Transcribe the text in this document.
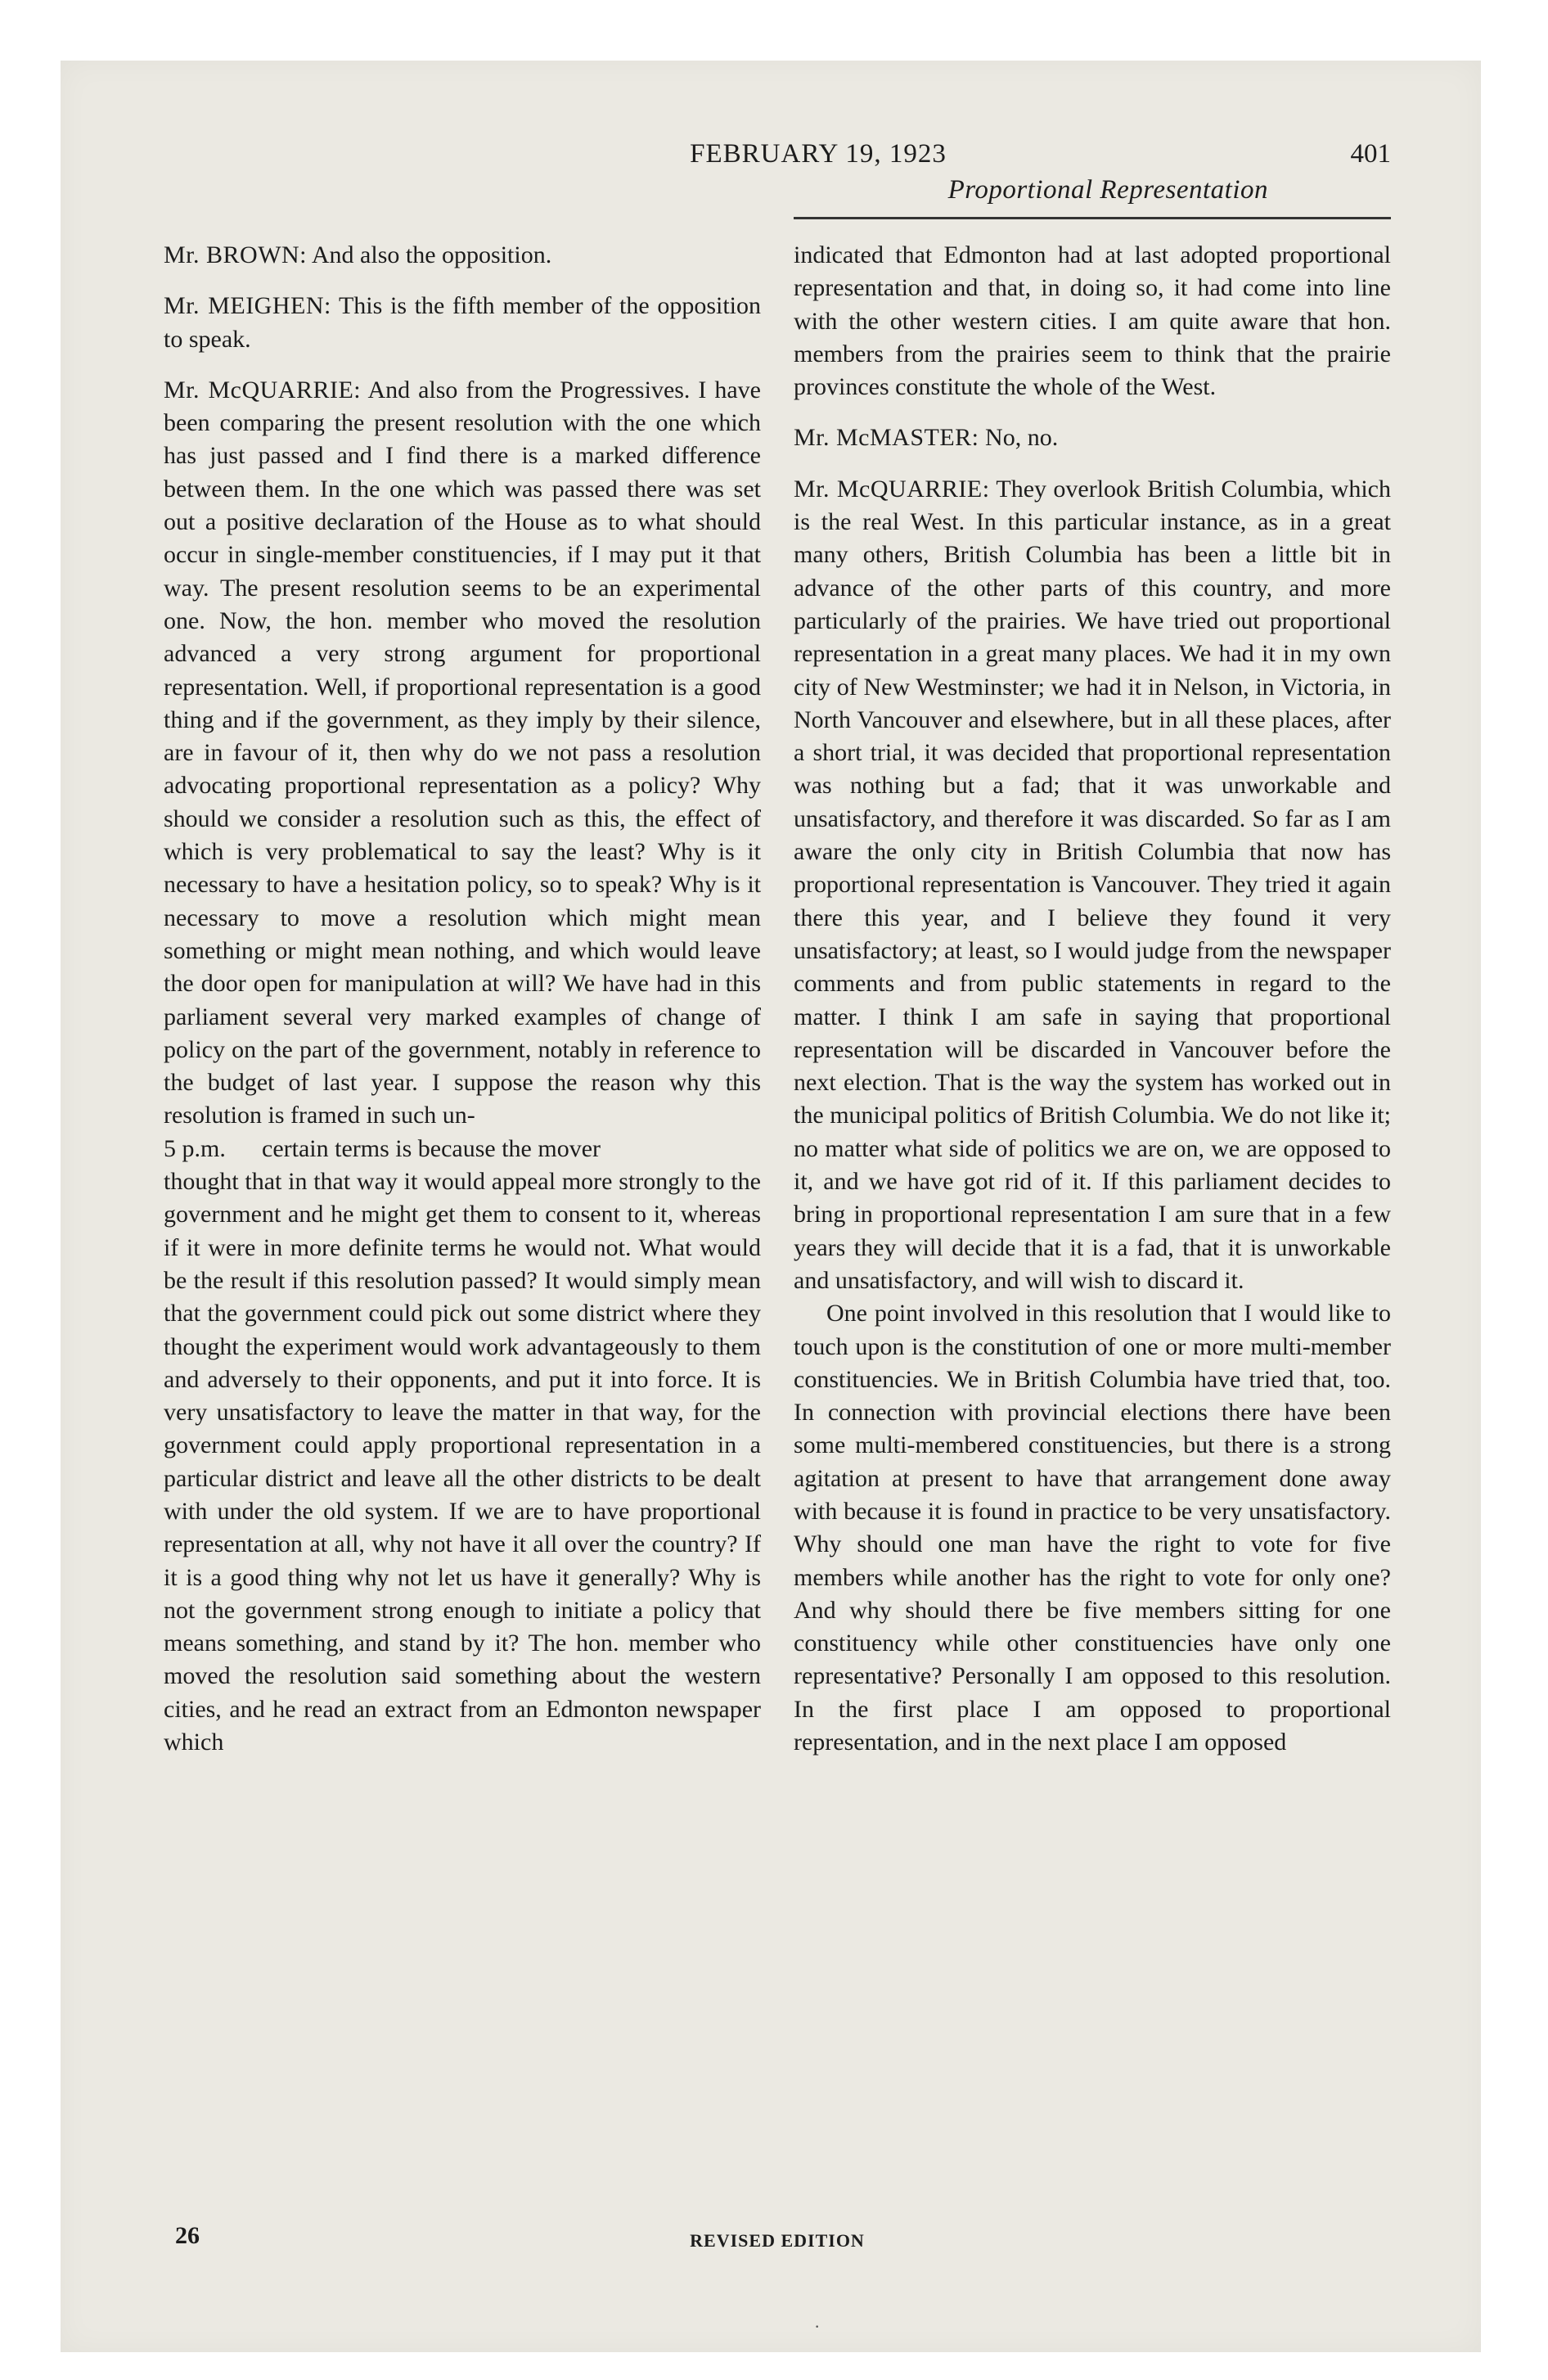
FEBRUARY 19, 1923	401
Proportional Representation

Mr. BROWN: And also the opposition.

Mr. MEIGHEN: This is the fifth member of the opposition to speak.

Mr. McQUARRIE: And also from the Progressives. I have been comparing the present resolution with the one which has just passed and I find there is a marked difference between them. In the one which was passed there was set out a positive declaration of the House as to what should occur in single-member constituencies, if I may put it that way. The present resolution seems to be an experimental one. Now, the hon. member who moved the resolution advanced a very strong argument for proportional representation. Well, if proportional representation is a good thing and if the government, as they imply by their silence, are in favour of it, then why do we not pass a resolution advocating proportional representation as a policy? Why should we consider a resolution such as this, the effect of which is very problematical to say the least? Why is it necessary to have a hesitation policy, so to speak? Why is it necessary to move a resolution which might mean something or might mean nothing, and which would leave the door open for manipulation at will? We have had in this parliament several very marked examples of change of policy on the part of the government, notably in reference to the budget of last year. I suppose the reason why this resolution is framed in such un-

5 p.m. certain terms is because the mover

thought that in that way it would appeal more strongly to the government and he might get them to consent to it, whereas if it were in more definite terms he would not. What would be the result if this resolution passed? It would simply mean that the government could pick out some district where they thought the experiment would work advantageously to them and adversely to their opponents, and put it into force. It is very unsatisfactory to leave the matter in that way, for the government could apply proportional representation in a particular district and leave all the other districts to be dealt with under the old system. If we are to have proportional representation at all, why not have it all over the country? If it is a good thing why not let us have it generally? Why is not the government strong enough to initiate a policy that means something, and stand by it? The hon. member who moved the resolution said something about the western cities, and he read an extract from an Edmonton newspaper which

indicated that Edmonton had at last adopted proportional representation and that, in doing so, it had come into line with the other western cities. I am quite aware that hon. members from the prairies seem to think that the prairie provinces constitute the whole of the West.

Mr. McMASTER: No, no.

Mr. McQUARRIE: They overlook British Columbia, which is the real West. In this particular instance, as in a great many others, British Columbia has been a little bit in advance of the other parts of this country, and more particularly of the prairies. We have tried out proportional representation in a great many places. We had it in my own city of New Westminster; we had it in Nelson, in Victoria, in North Vancouver and elsewhere, but in all these places, after a short trial, it was decided that proportional representation was nothing but a fad; that it was unworkable and unsatisfactory, and therefore it was discarded. So far as I am aware the only city in British Columbia that now has proportional representation is Vancouver. They tried it again there this year, and I believe they found it very unsatisfactory; at least, so I would judge from the newspaper comments and from public statements in regard to the matter. I think I am safe in saying that proportional representation will be discarded in Vancouver before the next election. That is the way the system has worked out in the municipal politics of British Columbia. We do not like it; no matter what side of politics we are on, we are opposed to it, and we have got rid of it. If this parliament decides to bring in proportional representation I am sure that in a few years they will decide that it is a fad, that it is unworkable and unsatisfactory, and will wish to discard it.

One point involved in this resolution that I would like to touch upon is the constitution of one or more multi-member constituencies. We in British Columbia have tried that, too. In connection with provincial elections there have been some multi-membered constituencies, but there is a strong agitation at present to have that arrangement done away with because it is found in practice to be very unsatisfactory. Why should one man have the right to vote for five members while another has the right to vote for only one? And why should there be five members sitting for one constituency while other constituencies have only one representative? Personally I am opposed to this resolution. In the first place I am opposed to proportional representation, and in the next place I am opposed

26	REVISED EDITION
·
